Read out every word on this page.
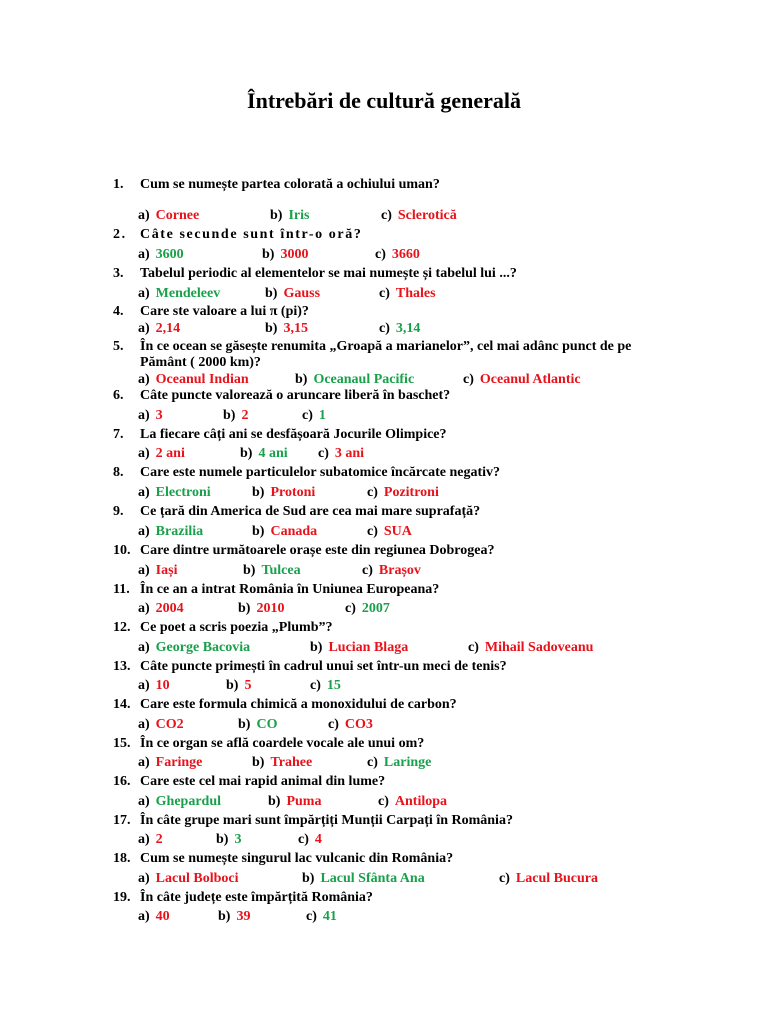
Întrebări de cultură generală
1. Cum se numește partea colorată a ochiului uman?
a) Cornee	b) Iris	c) Sclerotică
2. Câte secunde sunt într-o oră?
a) 3600	b) 3000	c) 3660
3. Tabelul periodic al elementelor se mai numește și tabelul lui ...?
a) Mendeleev	b) Gauss	c) Thales
4. Care ste valoare a lui π (pi)?
a) 2,14	b) 3,15	c) 3,14
5. În ce ocean se găsește renumita „Groapă a marianelor”, cel mai adânc punct de pe Pământ ( 2000 km)?
a) Oceanul Indian	b) Oceanaul Pacific	c) Oceanul Atlantic
6. Câte puncte valorează o aruncare liberă în baschet?
a) 3	b) 2	c) 1
7. La fiecare câți ani se desfășoară Jocurile Olimpice?
a) 2 ani	b) 4 ani c) 3 ani
8. Care este numele particulelor subatomice încărcate negativ?
a) Electroni	b) Protoni	c) Pozitroni
9. Ce țară din America de Sud are cea mai mare suprafață?
a) Brazilia	b) Canada	c) SUA
10. Care dintre următoarele orașe este din regiunea Dobrogea?
a) Iași	b) Tulcea	c) Brașov
11. În ce an a intrat România în Uniunea Europeana?
a) 2004	b) 2010	c) 2007
12. Ce poet a scris poezia „Plumb”?
a) George Bacovia	b) Lucian Blaga	c) Mihail Sadoveanu
13. Câte puncte primești în cadrul unui set într-un meci de tenis?
a) 10	b) 5	c) 15
14. Care este formula chimică a monoxidului de carbon?
a) CO2	b) CO	c) CO3
15. În ce organ se află coardele vocale ale unui om?
a) Faringe	b) Trahee	c) Laringe
16. Care este cel mai rapid animal din lume?
a) Ghepardul	b) Puma	c) Antilopa
17. În câte grupe mari sunt împărțiți Munții Carpați în România?
a) 2	b) 3	c) 4
18. Cum se numește singurul lac vulcanic din România?
a) Lacul Bolboci	b) Lacul Sfânta Ana	c) Lacul Bucura
19. În câte județe este împărțită România?
a) 40	b) 39	c) 41
